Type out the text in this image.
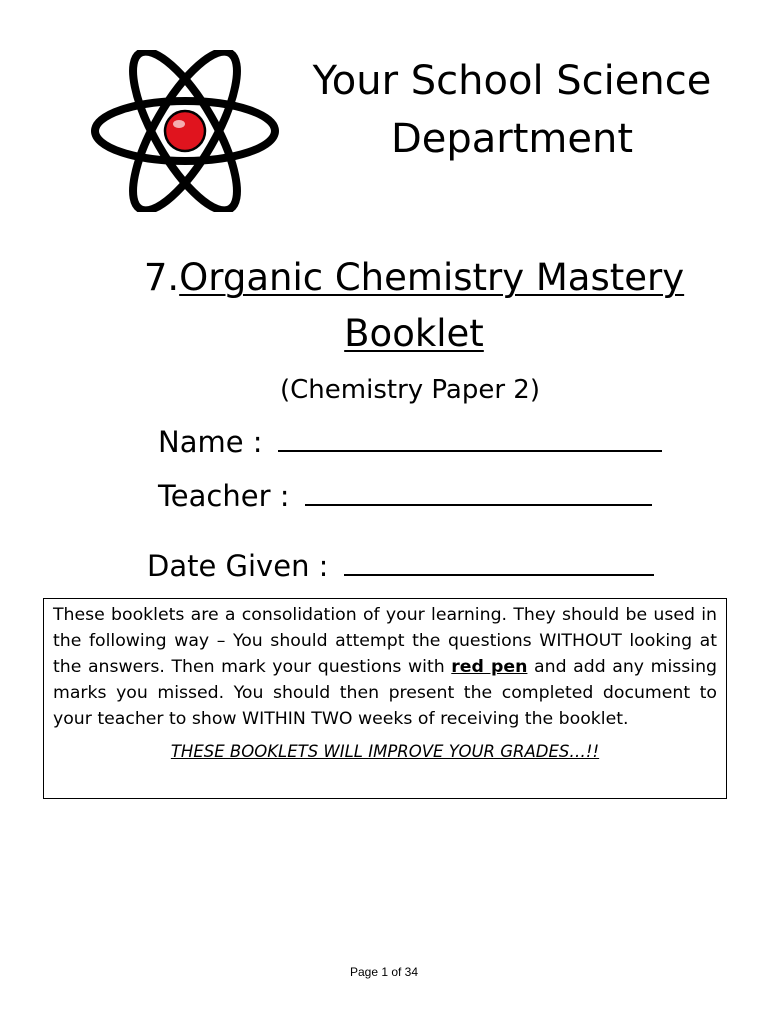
Your School Science
Department
7.Organic Chemistry Mastery
Booklet
(Chemistry Paper 2)
Name :
Teacher :
Date Given :

These booklets are a consolidation of your learning. They should be used in the following way – You should attempt the questions WITHOUT looking at the answers. Then mark your questions with red pen and add any missing marks you missed. You should then present the completed document to your teacher to show WITHIN TWO weeks of receiving the booklet.

THESE BOOKLETS WILL IMPROVE YOUR GRADES…!!
Page 1 of 34
